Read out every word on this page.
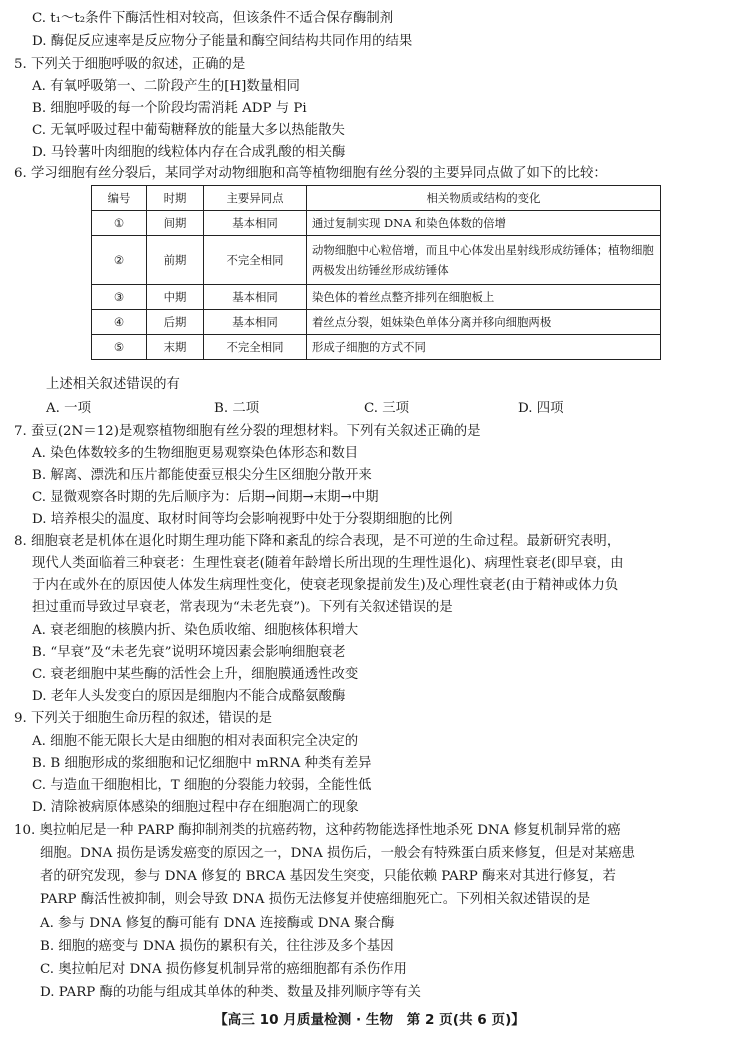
C. t₁～t₂条件下酶活性相对较高，但该条件不适合保存酶制剂
D. 酶促反应速率是反应物分子能量和酶空间结构共同作用的结果
5. 下列关于细胞呼吸的叙述，正确的是
A. 有氧呼吸第一、二阶段产生的[H]数量相同
B. 细胞呼吸的每一个阶段均需消耗 ADP 与 Pi
C. 无氧呼吸过程中葡萄糖释放的能量大多以热能散失
D. 马铃薯叶肉细胞的线粒体内存在合成乳酸的相关酶
6. 学习细胞有丝分裂后，某同学对动物细胞和高等植物细胞有丝分裂的主要异同点做了如下的比较：
编号	时期	主要异同点	相关物质或结构的变化
①	间期	基本相同	通过复制实现 DNA 和染色体数的倍增
②	前期	不完全相同	动物细胞中心粒倍增，而且中心体发出星射线形成纺锤体；植物细胞两极发出纺锤丝形成纺锤体
③	中期	基本相同	染色体的着丝点整齐排列在细胞板上
④	后期	基本相同	着丝点分裂，姐妹染色单体分离并移向细胞两极
⑤	末期	不完全相同	形成子细胞的方式不同
上述相关叙述错误的有
A. 一项	B. 二项	C. 三项	D. 四项
7. 蚕豆(2N＝12)是观察植物细胞有丝分裂的理想材料。下列有关叙述正确的是
A. 染色体数较多的生物细胞更易观察染色体形态和数目
B. 解离、漂洗和压片都能使蚕豆根尖分生区细胞分散开来
C. 显微观察各时期的先后顺序为：后期→间期→末期→中期
D. 培养根尖的温度、取材时间等均会影响视野中处于分裂期细胞的比例
8. 细胞衰老是机体在退化时期生理功能下降和紊乱的综合表现，是不可逆的生命过程。最新研究表明，
现代人类面临着三种衰老：生理性衰老(随着年龄增长所出现的生理性退化)、病理性衰老(即早衰，由
于内在或外在的原因使人体发生病理性变化，使衰老现象提前发生)及心理性衰老(由于精神或体力负
担过重而导致过早衰老，常表现为“未老先衰”)。下列有关叙述错误的是
A. 衰老细胞的核膜内折、染色质收缩、细胞核体积增大
B. “早衰”及“未老先衰”说明环境因素会影响细胞衰老
C. 衰老细胞中某些酶的活性会上升，细胞膜通透性改变
D. 老年人头发变白的原因是细胞内不能合成酪氨酸酶
9. 下列关于细胞生命历程的叙述，错误的是
A. 细胞不能无限长大是由细胞的相对表面积完全决定的
B. B 细胞形成的浆细胞和记忆细胞中 mRNA 种类有差异
C. 与造血干细胞相比，T 细胞的分裂能力较弱，全能性低
D. 清除被病原体感染的细胞过程中存在细胞凋亡的现象
10. 奥拉帕尼是一种 PARP 酶抑制剂类的抗癌药物，这种药物能选择性地杀死 DNA 修复机制异常的癌
细胞。DNA 损伤是诱发癌变的原因之一，DNA 损伤后，一般会有特殊蛋白质来修复，但是对某癌患
者的研究发现，参与 DNA 修复的 BRCA 基因发生突变，只能依赖 PARP 酶来对其进行修复，若
PARP 酶活性被抑制，则会导致 DNA 损伤无法修复并使癌细胞死亡。下列相关叙述错误的是
A. 参与 DNA 修复的酶可能有 DNA 连接酶或 DNA 聚合酶
B. 细胞的癌变与 DNA 损伤的累积有关，往往涉及多个基因
C. 奥拉帕尼对 DNA 损伤修复机制异常的癌细胞都有杀伤作用
D. PARP 酶的功能与组成其单体的种类、数量及排列顺序等有关
【高三 10 月质量检测 · 生物　第 2 页(共 6 页)】
